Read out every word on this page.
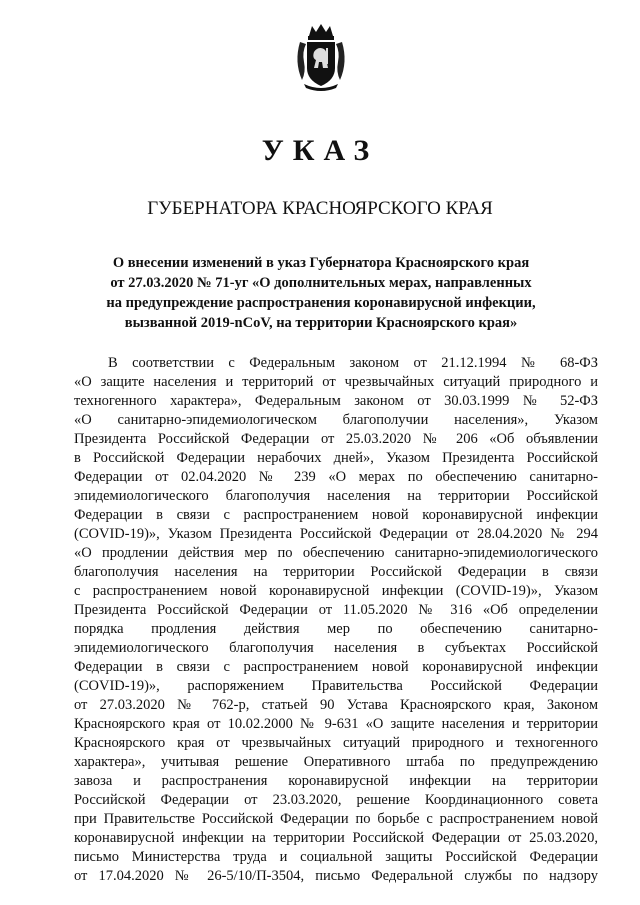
УКАЗ
ГУБЕРНАТОРА КРАСНОЯРСКОГО КРАЯ
О внесении изменений в указ Губернатора Красноярского края
от 27.03.2020 № 71-уг «О дополнительных мерах, направленных
на предупреждение распространения коронавирусной инфекции,
вызванной 2019-nCoV, на территории Красноярского края»
В соответствии с Федеральным законом от 21.12.1994 № 68-ФЗ
«О защите населения и территорий от чрезвычайных ситуаций природного и
техногенного характера», Федеральным законом от 30.03.1999 № 52-ФЗ
«О санитарно-эпидемиологическом благополучии населения», Указом
Президента Российской Федерации от 25.03.2020 № 206 «Об объявлении
в Российской Федерации нерабочих дней», Указом Президента Российской
Федерации от 02.04.2020 № 239 «О мерах по обеспечению санитарно-
эпидемиологического благополучия населения на территории Российской
Федерации в связи с распространением новой коронавирусной инфекции
(COVID-19)», Указом Президента Российской Федерации от 28.04.2020 № 294
«О продлении действия мер по обеспечению санитарно-эпидемиологического
благополучия населения на территории Российской Федерации в связи
с распространением новой коронавирусной инфекции (COVID-19)», Указом
Президента Российской Федерации от 11.05.2020 № 316 «Об определении
порядка продления действия мер по обеспечению санитарно-
эпидемиологического благополучия населения в субъектах Российской
Федерации в связи с распространением новой коронавирусной инфекции
(COVID-19)», распоряжением Правительства Российской Федерации
от 27.03.2020 № 762-р, статьей 90 Устава Красноярского края, Законом
Красноярского края от 10.02.2000 № 9-631 «О защите населения и территории
Красноярского края от чрезвычайных ситуаций природного и техногенного
характера», учитывая решение Оперативного штаба по предупреждению
завоза и распространения коронавирусной инфекции на территории
Российской Федерации от 23.03.2020, решение Координационного совета
при Правительстве Российской Федерации по борьбе с распространением новой
коронавирусной инфекции на территории Российской Федерации от 25.03.2020,
письмо Министерства труда и социальной защиты Российской Федерации
от 17.04.2020 № 26-5/10/П-3504, письмо Федеральной службы по надзору
